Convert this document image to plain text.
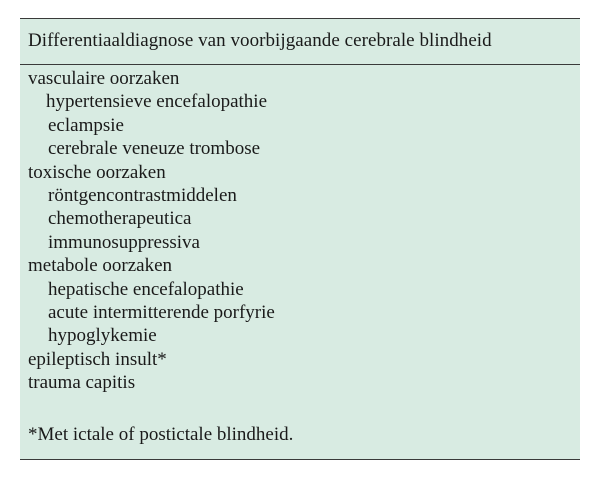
Differentiaaldiagnose van voorbijgaande cerebrale blindheid
vasculaire oorzaken
hypertensieve encefalopathie
eclampsie
cerebrale veneuze trombose
toxische oorzaken
röntgencontrastmiddelen
chemotherapeutica
immunosuppressiva
metabole oorzaken
hepatische encefalopathie
acute intermitterende porfyrie
hypoglykemie
epileptisch insult*
trauma capitis
*Met ictale of postictale blindheid.
